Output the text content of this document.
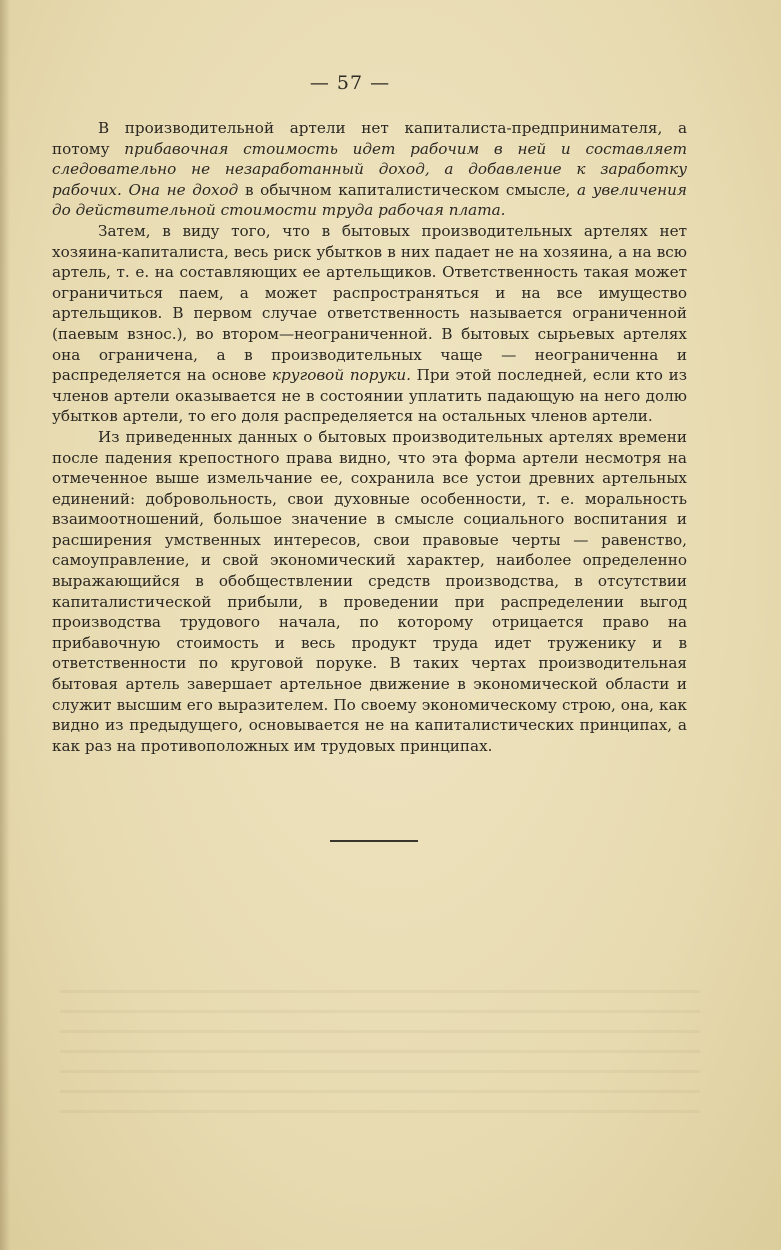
— 57 —

В производительной артели нет капиталиста-предпринимателя, а потому прибавочная стоимость идет рабочим в ней и составляет следовательно не незаработанный доход, а добавление к заработку рабочих. Она не доход в обычном капиталистическом смысле, а увеличения до действительной стоимости труда рабочая плата.

Затем, в виду того, что в бытовых производительных артелях нет хозяина-капиталиста, весь риск убытков в них падает не на хозяина, а на всю артель, т. е. на составляющих ее артельщиков. Ответственность такая может ограничиться паем, а может распространяться и на все имущество артельщиков. В первом случае ответственность называется ограниченной (паевым взнос.), во втором—неограниченной. В бытовых сырьевых артелях она ограничена, а в производительных чаще — неограниченна и распределяется на основе круговой поруки. При этой последней, если кто из членов артели оказывается не в состоянии уплатить падающую на него долю убытков артели, то его доля распределяется на остальных членов артели.

Из приведенных данных о бытовых производительных артелях времени после падения крепостного права видно, что эта форма артели несмотря на отмеченное выше измельчание ее, сохранила все устои древних артельных единений: добровольность, свои духовные особенности, т. е. моральность взаимоотношений, большое значение в смысле социального воспитания и расширения умственных интересов, свои правовые черты — равенство, самоуправление, и свой экономический характер, наиболее определенно выражающийся в обобществлении средств производства, в отсутствии капиталистической прибыли, в проведении при распределении выгод производства трудового начала, по которому отрицается право на прибавочную стоимость и весь продукт труда идет труженику и в ответственности по круговой поруке. В таких чертах производительная бытовая артель завершает артельное движение в экономической области и служит высшим его выразителем. По своему экономическому строю, она, как видно из предыдущего, основывается не на капиталистических принципах, а как раз на противоположных им трудовых принципах.
